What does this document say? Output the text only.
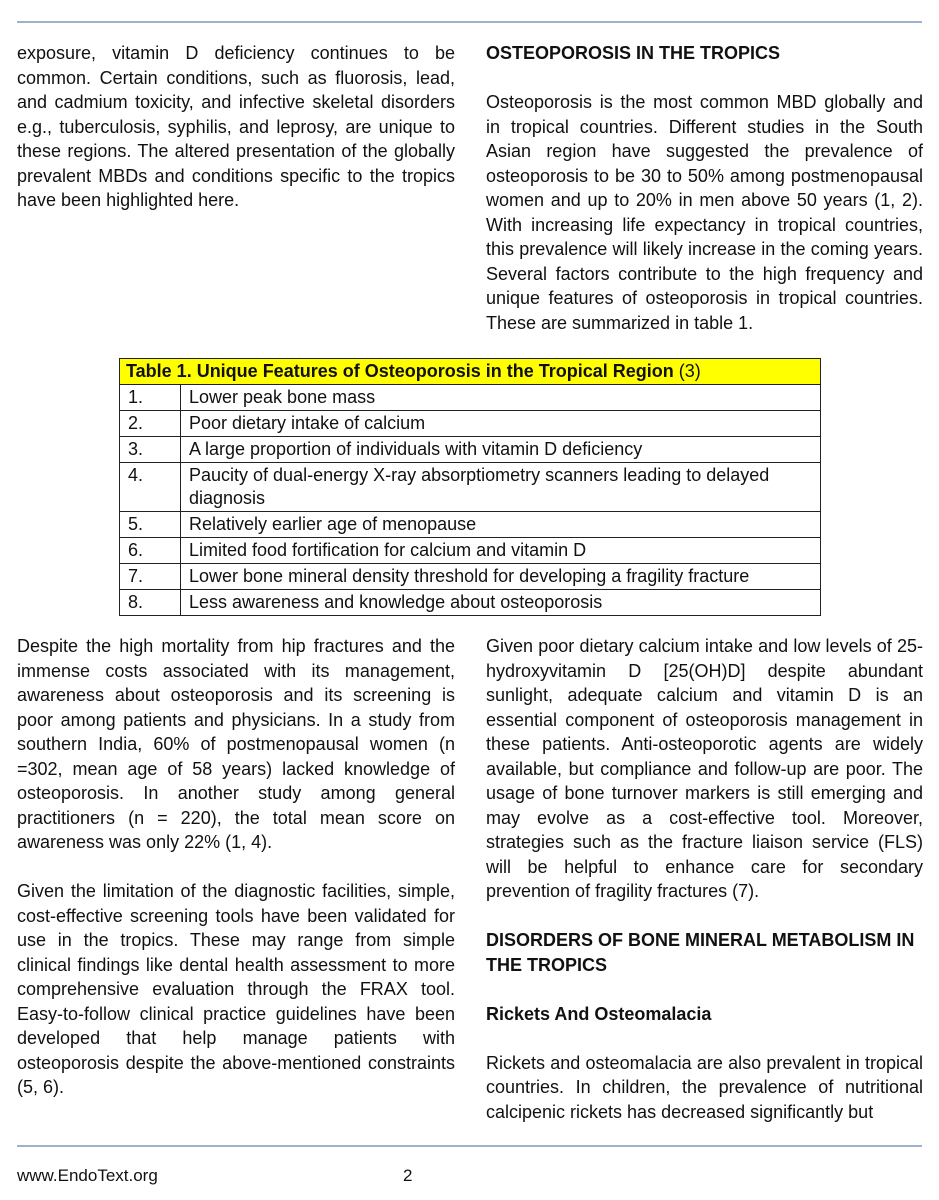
exposure, vitamin D deficiency continues to be common. Certain conditions, such as fluorosis, lead, and cadmium toxicity, and infective skeletal disorders e.g., tuberculosis, syphilis, and leprosy, are unique to these regions. The altered presentation of the globally prevalent MBDs and conditions specific to the tropics have been highlighted here.

OSTEOPOROSIS IN THE TROPICS

Osteoporosis is the most common MBD globally and in tropical countries. Different studies in the South Asian region have suggested the prevalence of osteoporosis to be 30 to 50% among postmenopausal women and up to 20% in men above 50 years (1, 2). With increasing life expectancy in tropical countries, this prevalence will likely increase in the coming years. Several factors contribute to the high frequency and unique features of osteoporosis in tropical countries. These are summarized in table 1.

Table 1. Unique Features of Osteoporosis in the Tropical Region (3)	
1.	Lower peak bone mass
2.	Poor dietary intake of calcium
3.	A large proportion of individuals with vitamin D deficiency
4.	Paucity of dual-energy X-ray absorptiometry scanners leading to delayed diagnosis
5.	Relatively earlier age of menopause
6.	Limited food fortification for calcium and vitamin D
7.	Lower bone mineral density threshold for developing a fragility fracture
8.	Less awareness and knowledge about osteoporosis

Despite the high mortality from hip fractures and the immense costs associated with its management, awareness about osteoporosis and its screening is poor among patients and physicians. In a study from southern India, 60% of postmenopausal women (n =302, mean age of 58 years) lacked knowledge of osteoporosis. In another study among general practitioners (n = 220), the total mean score on awareness was only 22% (1, 4).

Given the limitation of the diagnostic facilities, simple, cost-effective screening tools have been validated for use in the tropics. These may range from simple clinical findings like dental health assessment to more comprehensive evaluation through the FRAX tool. Easy-to-follow clinical practice guidelines have been developed that help manage patients with osteoporosis despite the above-mentioned constraints (5, 6).

Given poor dietary calcium intake and low levels of 25-hydroxyvitamin D [25(OH)D] despite abundant sunlight, adequate calcium and vitamin D is an essential component of osteoporosis management in these patients. Anti-osteoporotic agents are widely available, but compliance and follow-up are poor. The usage of bone turnover markers is still emerging and may evolve as a cost-effective tool. Moreover, strategies such as the fracture liaison service (FLS) will be helpful to enhance care for secondary prevention of fragility fractures (7).

DISORDERS OF BONE MINERAL METABOLISM IN THE TROPICS

Rickets And Osteomalacia

Rickets and osteomalacia are also prevalent in tropical countries. In children, the prevalence of nutritional calcipenic rickets has decreased significantly but

www.EndoText.org	2
